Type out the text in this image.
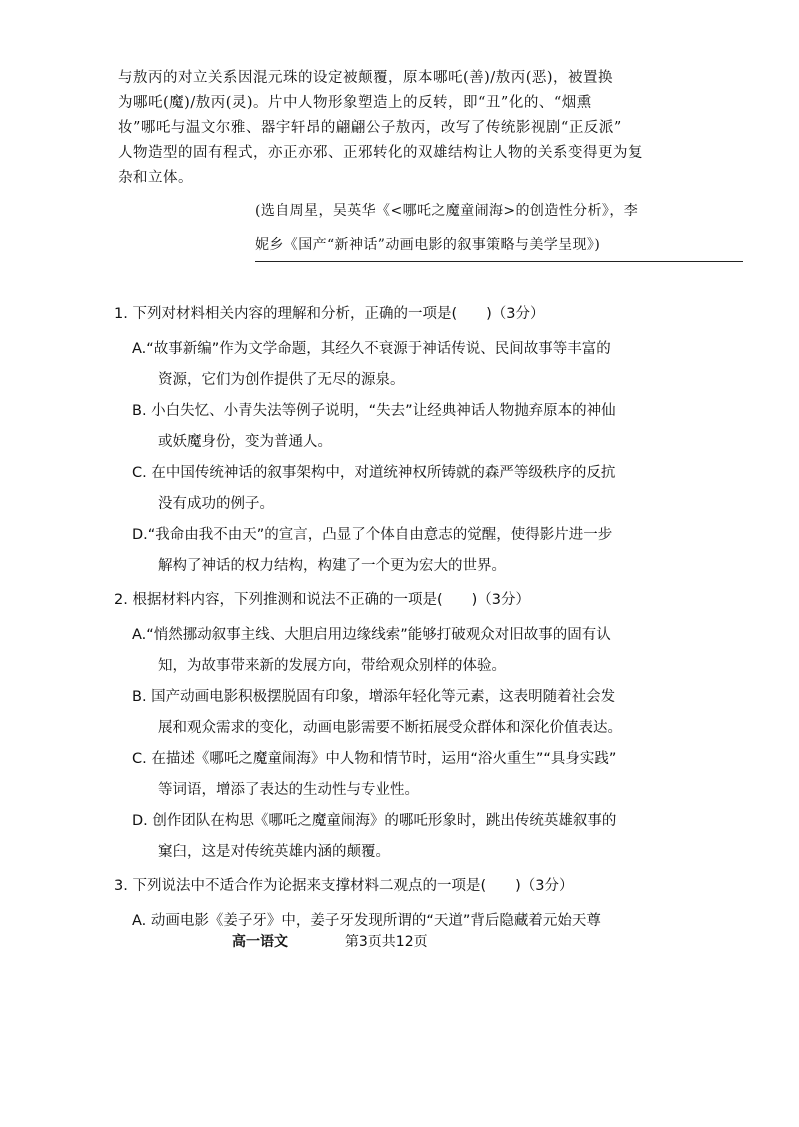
与敖丙的对立关系因混元珠的设定被颠覆，原本哪吒(善)/敖丙(恶)，被置换
为哪吒(魔)/敖丙(灵)。片中人物形象塑造上的反转，即“丑”化的、“烟熏
妆”哪吒与温文尔雅、器宇轩昂的翩翩公子敖丙，改写了传统影视剧“正反派”
人物造型的固有程式，亦正亦邪、正邪转化的双雄结构让人物的关系变得更为复
杂和立体。
(选自周星，吴英华《<哪吒之魔童闹海>的创造性分析》，李
妮乡《国产“新神话”动画电影的叙事策略与美学呈现》)
1. 下列对材料相关内容的理解和分析，正确的一项是(　　)（3分）
A.“故事新编”作为文学命题，其经久不衰源于神话传说、民间故事等丰富的
资源，它们为创作提供了无尽的源泉。
B. 小白失忆、小青失法等例子说明，“失去”让经典神话人物抛弃原本的神仙
或妖魔身份，变为普通人。
C. 在中国传统神话的叙事架构中，对道统神权所铸就的森严等级秩序的反抗
没有成功的例子。
D.“我命由我不由天”的宣言，凸显了个体自由意志的觉醒，使得影片进一步
解构了神话的权力结构，构建了一个更为宏大的世界。
2. 根据材料内容，下列推测和说法不正确的一项是(　　)（3分）
A.“悄然挪动叙事主线、大胆启用边缘线索”能够打破观众对旧故事的固有认
知，为故事带来新的发展方向，带给观众别样的体验。
B. 国产动画电影积极摆脱固有印象，增添年轻化等元素，这表明随着社会发
展和观众需求的变化，动画电影需要不断拓展受众群体和深化价值表达。
C. 在描述《哪吒之魔童闹海》中人物和情节时，运用“浴火重生”“具身实践”
等词语，增添了表达的生动性与专业性。
D. 创作团队在构思《哪吒之魔童闹海》的哪吒形象时，跳出传统英雄叙事的
窠臼，这是对传统英雄内涵的颠覆。
3. 下列说法中不适合作为论据来支撑材料二观点的一项是(　　)（3分）
A. 动画电影《姜子牙》中，姜子牙发现所谓的“天道”背后隐藏着元始天尊
高一语文	第3页共12页
